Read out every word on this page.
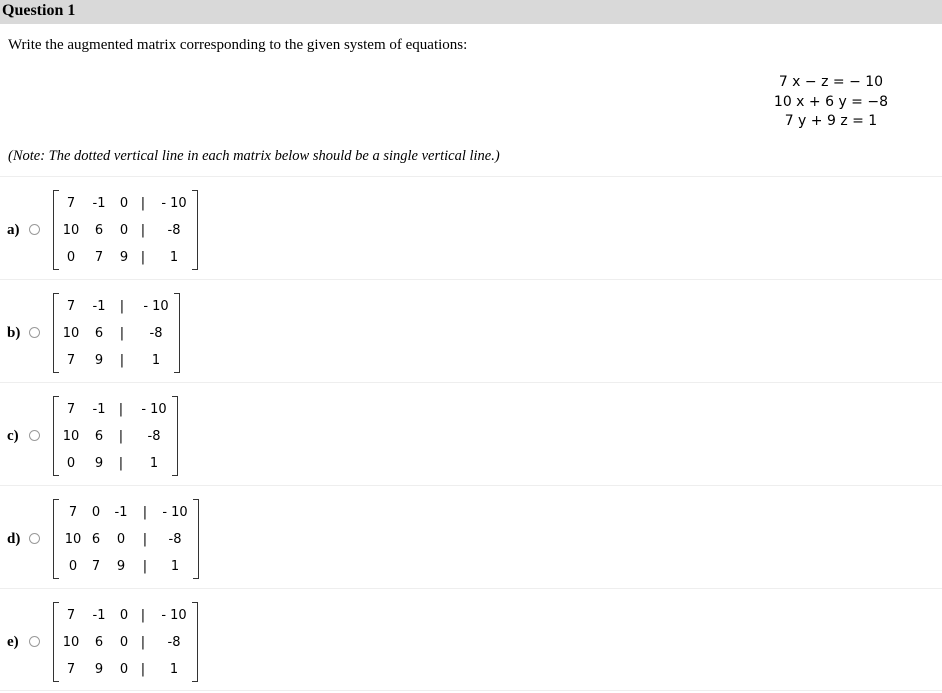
Question 1
Write the augmented matrix corresponding to the given system of equations:
7 x − z = − 10
10 x + 6 y = −8
7 y + 9 z = 1
(Note: The dotted vertical line in each matrix below should be a single vertical line.)
a)
7	-1 0 |	- 10
10	6	0 |	-8
0	7	9 |	1
b)
7	-1 |	- 10
10	6	|	-8
7	9	|	1
c)
7	-1 |	- 10
10	6	|	-8
0	9	|	1
d)
7	0	-1	|	- 10
10 6	0	|	-8
0	7	9	|	1
e)
7	-1 0 |	- 10
10	6	0 |	-8
7	9	0 |	1
